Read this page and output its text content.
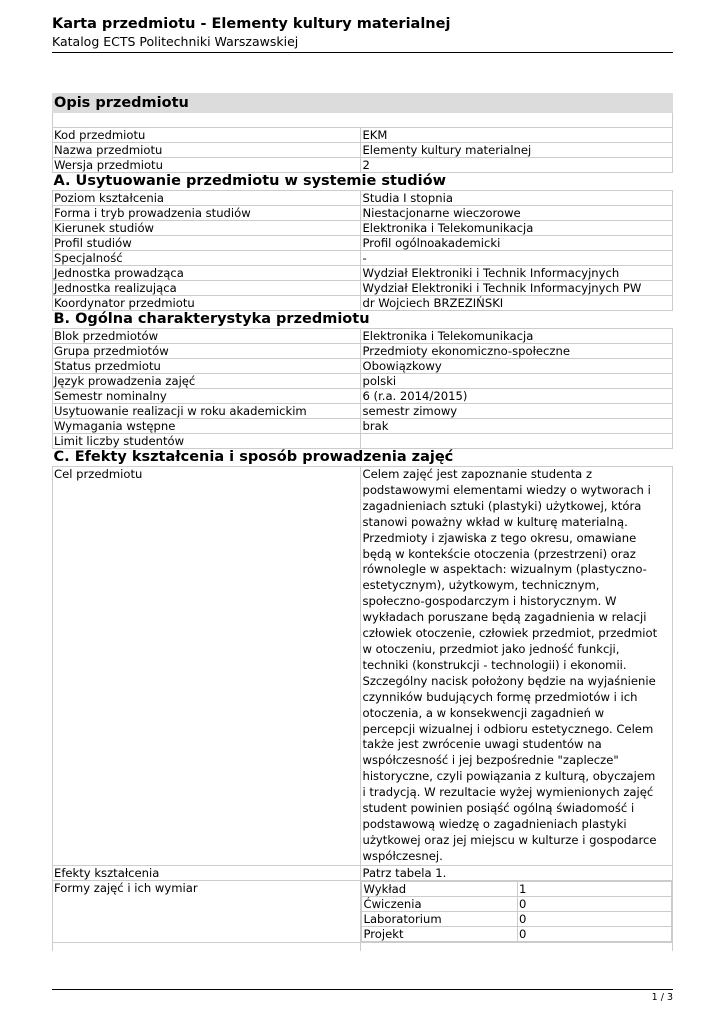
Karta przedmiotu - Elementy kultury materialnej
Katalog ECTS Politechniki Warszawskiej
Opis przedmiotu

Kod przedmiotu	EKM
Nazwa przedmiotu	Elementy kultury materialnej
Wersja przedmiotu	2
A. Usytuowanie przedmiotu w systemie studiów
Poziom kształcenia	Studia I stopnia
Forma i tryb prowadzenia studiów	Niestacjonarne wieczorowe
Kierunek studiów	Elektronika i Telekomunikacja
Profil studiów	Profil ogólnoakademicki
Specjalność	-
Jednostka prowadząca	Wydział Elektroniki i Technik Informacyjnych
Jednostka realizująca	Wydział Elektroniki i Technik Informacyjnych PW
Koordynator przedmiotu	dr Wojciech BRZEZIŃSKI
B. Ogólna charakterystyka przedmiotu
Blok przedmiotów	Elektronika i Telekomunikacja
Grupa przedmiotów	Przedmioty ekonomiczno-społeczne
Status przedmiotu	Obowiązkowy
Język prowadzenia zajęć	polski
Semestr nominalny	6 (r.a. 2014/2015)
Usytuowanie realizacji w roku akademickim	semestr zimowy
Wymagania wstępne	brak
Limit liczby studentów	
C. Efekty kształcenia i sposób prowadzenia zajęć
Cel przedmiotu	Celem zajęć jest zapoznanie studenta z
podstawowymi elementami wiedzy o wytworach i
zagadnieniach sztuki (plastyki) użytkowej, która
stanowi poważny wkład w kulturę materialną.
Przedmioty i zjawiska z tego okresu, omawiane
będą w kontekście otoczenia (przestrzeni) oraz
równolegle w aspektach: wizualnym (plastyczno-
estetycznym), użytkowym, technicznym,
społeczno-gospodarczym i historycznym. W
wykładach poruszane będą zagadnienia w relacji
człowiek otoczenie, człowiek przedmiot, przedmiot
w otoczeniu, przedmiot jako jedność funkcji,
techniki (konstrukcji - technologii) i ekonomii.
Szczególny nacisk położony będzie na wyjaśnienie
czynników budujących formę przedmiotów i ich
otoczenia, a w konsekwencji zagadnień w
percepcji wizualnej i odbioru estetycznego. Celem
także jest zwrócenie uwagi studentów na
współczesność i jej bezpośrednie "zaplecze"
historyczne, czyli powiązania z kulturą, obyczajem
i tradycją. W rezultacie wyżej wymienionych zajęć
student powinien posiąść ogólną świadomość i
podstawową wiedzę o zagadnieniach plastyki
użytkowej oraz jej miejscu w kulturze i gospodarce
współczesnej.

Efekty kształcenia	Patrz tabela 1.
Formy zajęć i ich wymiar		Wykład	1
Ćwiczenia	0
Laboratorium	0
Projekt	0

1 / 3
